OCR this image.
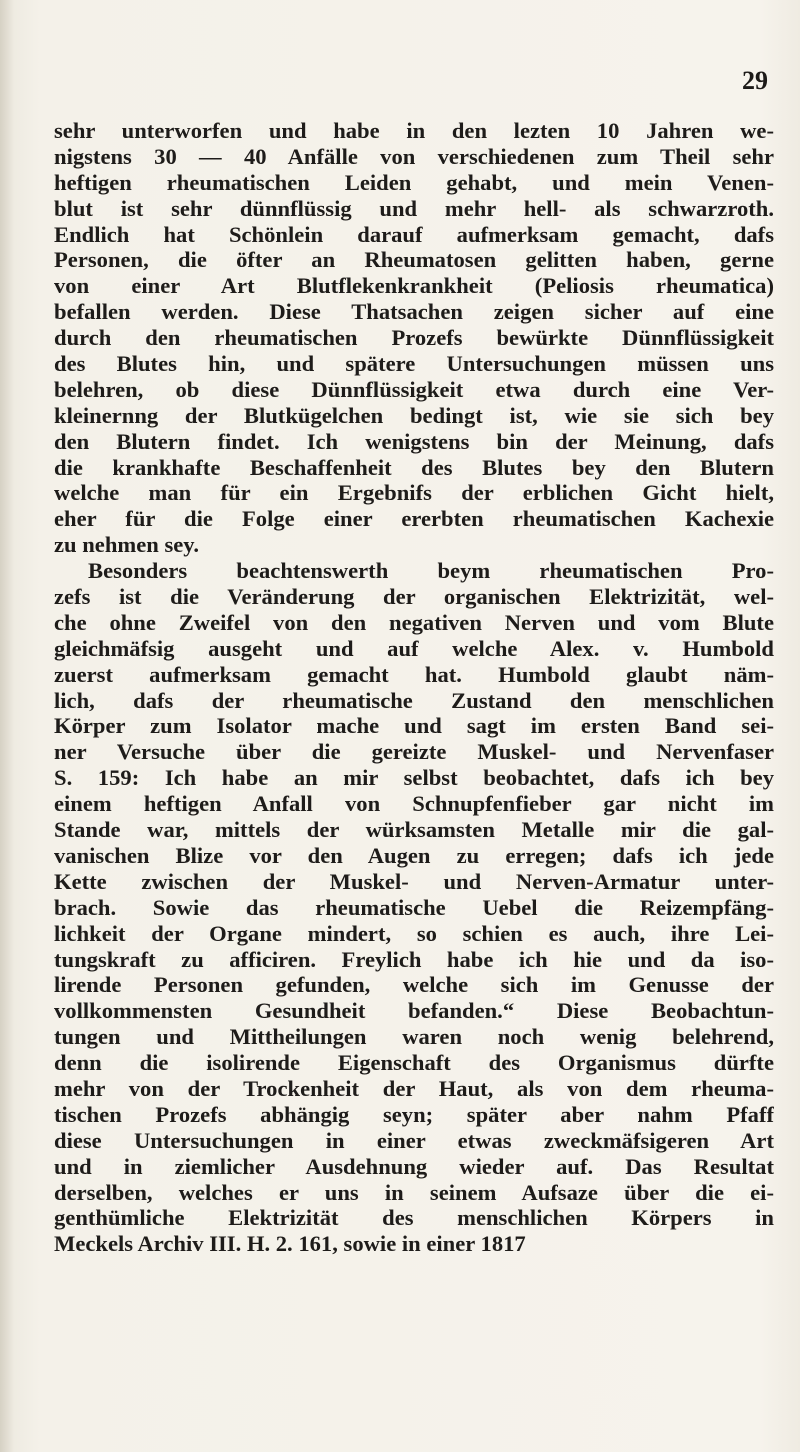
29
sehr unterworfen und habe in den lezten 10 Jahren we-
nigstens 30 — 40 Anfälle von verschiedenen zum Theil sehr
heftigen rheumatischen Leiden gehabt, und mein Venen-
blut ist sehr dünnflüssig und mehr hell- als schwarzroth.
Endlich hat Schönlein darauf aufmerksam gemacht, dafs
Personen, die öfter an Rheumatosen gelitten haben, gerne
von einer Art Blutflekenkrankheit (Peliosis rheumatica)
befallen werden. Diese Thatsachen zeigen sicher auf eine
durch den rheumatischen Prozefs bewürkte Dünnflüssigkeit
des Blutes hin, und spätere Untersuchungen müssen uns
belehren, ob diese Dünnflüssigkeit etwa durch eine Ver-
kleinernng der Blutkügelchen bedingt ist, wie sie sich bey
den Blutern findet. Ich wenigstens bin der Meinung, dafs
die krankhafte Beschaffenheit des Blutes bey den Blutern
welche man für ein Ergebnifs der erblichen Gicht hielt,
eher für die Folge einer ererbten rheumatischen Kachexie
zu nehmen sey.
Besonders beachtenswerth beym rheumatischen Pro-
zefs ist die Veränderung der organischen Elektrizität, wel-
che ohne Zweifel von den negativen Nerven und vom Blute
gleichmäfsig ausgeht und auf welche Alex. v. Humbold
zuerst aufmerksam gemacht hat. Humbold glaubt näm-
lich, dafs der rheumatische Zustand den menschlichen
Körper zum Isolator mache und sagt im ersten Band sei-
ner Versuche über die gereizte Muskel- und Nervenfaser
S. 159: Ich habe an mir selbst beobachtet, dafs ich bey
einem heftigen Anfall von Schnupfenfieber gar nicht im
Stande war, mittels der würksamsten Metalle mir die gal-
vanischen Blize vor den Augen zu erregen; dafs ich jede
Kette zwischen der Muskel- und Nerven-Armatur unter-
brach. Sowie das rheumatische Uebel die Reizempfäng-
lichkeit der Organe mindert, so schien es auch, ihre Lei-
tungskraft zu afficiren. Freylich habe ich hie und da iso-
lirende Personen gefunden, welche sich im Genusse der
vollkommensten Gesundheit befanden.“ Diese Beobachtun-
tungen und Mittheilungen waren noch wenig belehrend,
denn die isolirende Eigenschaft des Organismus dürfte
mehr von der Trockenheit der Haut, als von dem rheuma-
tischen Prozefs abhängig seyn; später aber nahm Pfaff
diese Untersuchungen in einer etwas zweckmäfsigeren Art
und in ziemlicher Ausdehnung wieder auf. Das Resultat
derselben, welches er uns in seinem Aufsaze über die ei-
genthümliche Elektrizität des menschlichen Körpers in
Meckels Archiv III. H. 2. 161, sowie in einer 1817
